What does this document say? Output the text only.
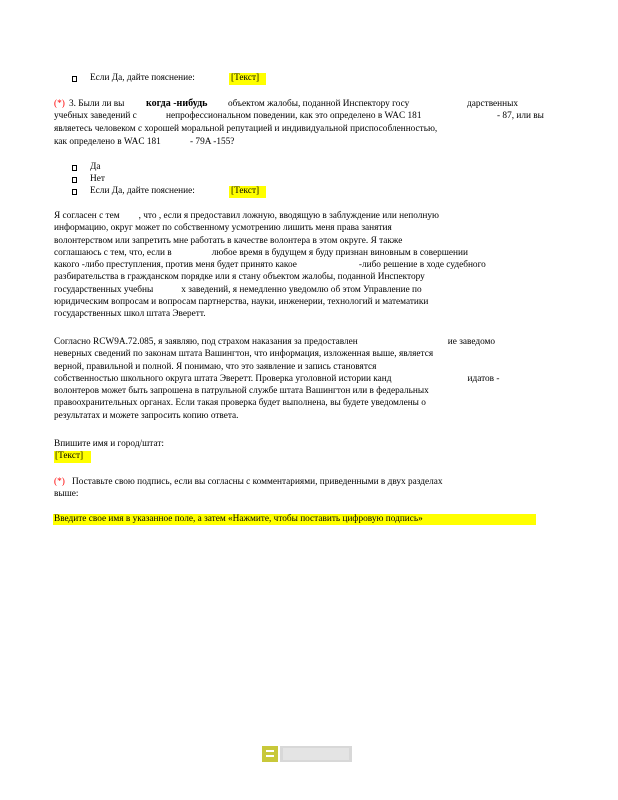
Если Да, дайте пояснение:	[Текст]
(*) 3. Были ли вы когда -нибудь объектом жалобы, поданной Инспектору госу	дарственных
учебных заведений с	непрофессиональном поведении, как это определено в WAC 181	- 87, или вы
являетесь человеком с хорошей моральной репутацией и индивидуальной приспособленностью,
как определено в WAC 181	- 79A -155?
Да
Нет
Если Да, дайте пояснение:	[Текст]
Я согласен с тем , что , если я предоставил ложную, вводящую в заблуждение или неполную
информацию, округ может по собственному усмотрению лишить меня права занятия
волонтерством или запретить мне работать в качестве волонтера в этом округе. Я также
соглашаюсь с тем, что, если в	любое время в будущем я буду признан виновным в совершении
какого -либо преступления, против меня будет принято какое	-либо решение в ходе судебного
разбирательства в гражданском порядке или я стану объектом жалобы, поданной Инспектору
государственных учебны	х заведений, я немедленно уведомлю об этом Управление по
юридическим вопросам и вопросам партнерства, науки, инженерии, технологий и математики
государственных школ штата Эверетт.
Согласно RCW9A.72.085, я заявляю, под страхом наказания за предоставлен	ие заведомо
неверных сведений по законам штата Вашингтон, что информация, изложенная выше, является
верной, правильной и полной. Я понимаю, что это заявление и запись становятся
собственностью школьного округа штата Эверетт. Проверка уголовной истории канд	идатов -
волонтеров может быть запрошена в патрульной службе штата Вашингтон или в федеральных
правоохранительных органах. Если такая проверка будет выполнена, вы будете уведомлены о
результатах и можете запросить копию ответа.
Впишите имя и город/штат:
[Текст]
(*) Поставьте свою подпись, если вы согласны с комментариями, приведенными в двух разделах
выше:
Введите свое имя в указанное поле, а затем «Нажмите, чтобы поставить цифровую подпись»
